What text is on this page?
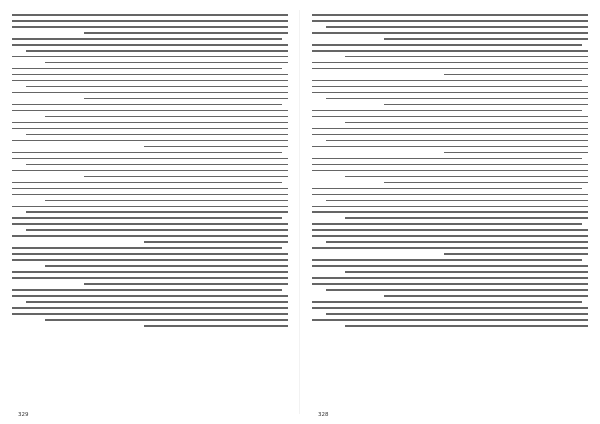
329	328
